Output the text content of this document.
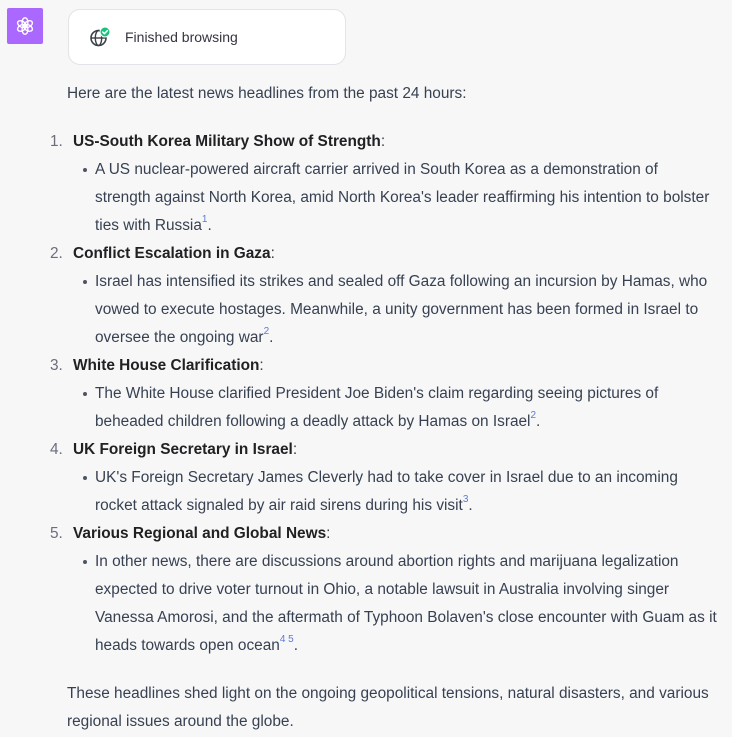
Finished browsing

Here are the latest news headlines from the past 24 hours:

1. US-South Korea Military Show of Strength:
A US nuclear-powered aircraft carrier arrived in South Korea as a demonstration of strength against North Korea, amid North Korea's leader reaffirming his intention to bolster ties with Russia$^1$.
2. Conflict Escalation in Gaza:
Israel has intensified its strikes and sealed off Gaza following an incursion by Hamas, who vowed to execute hostages. Meanwhile, a unity government has been formed in Israel to oversee the ongoing war$^2$.
3. White House Clarification:
The White House clarified President Joe Biden's claim regarding seeing pictures of beheaded children following a deadly attack by Hamas on Israel$^2$.
4. UK Foreign Secretary in Israel:
UK's Foreign Secretary James Cleverly had to take cover in Israel due to an incoming rocket attack signaled by air raid sirens during his visit$^3$.
5. Various Regional and Global News:
In other news, there are discussions around abortion rights and marijuana legalization expected to drive voter turnout in Ohio, a notable lawsuit in Australia involving singer Vanessa Amorosi, and the aftermath of Typhoon Bolaven's close encounter with Guam as it heads towards open ocean$^{4 5}$.

These headlines shed light on the ongoing geopolitical tensions, natural disasters, and various regional issues around the globe.
